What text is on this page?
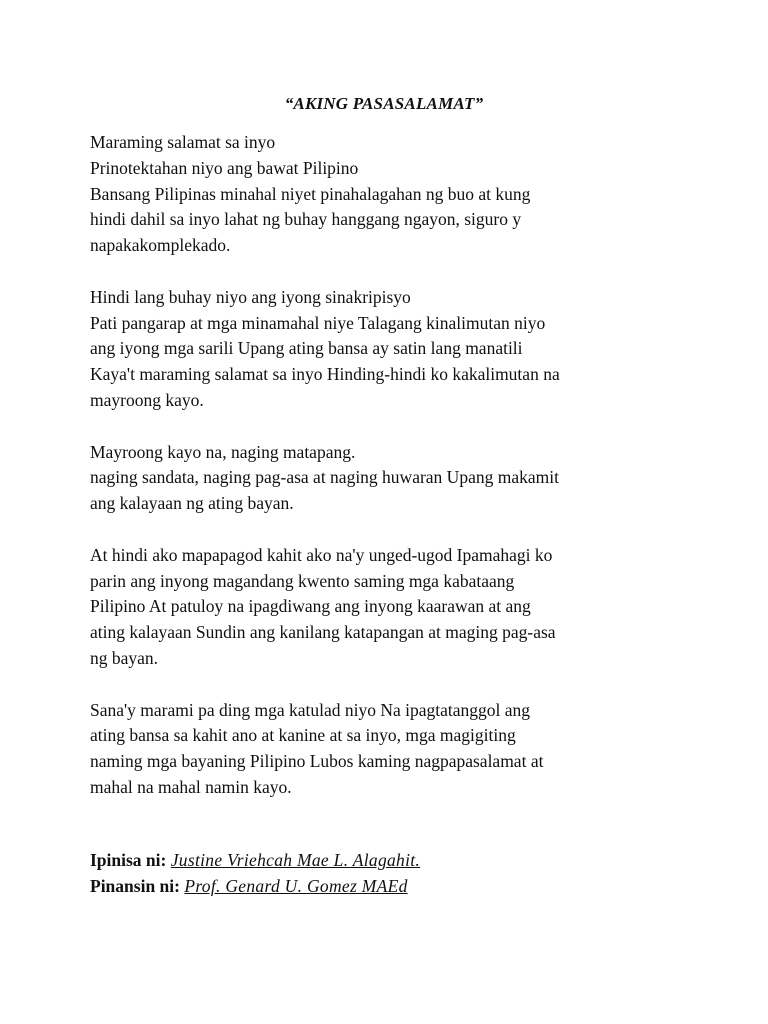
“AKING PASASALAMAT”
Maraming salamat sa inyo
Prinotektahan niyo ang bawat Pilipino
Bansang Pilipinas minahal niyet pinahalagahan ng buo at kung
hindi dahil sa inyo lahat ng buhay hanggang ngayon, siguro y
napakakomplekado.
Hindi lang buhay niyo ang iyong sinakripisyo
Pati pangarap at mga minamahal niye Talagang kinalimutan niyo
ang iyong mga sarili Upang ating bansa ay satin lang manatili
Kaya't maraming salamat sa inyo Hinding-hindi ko kakalimutan na
mayroong kayo.
Mayroong kayo na, naging matapang.
naging sandata, naging pag-asa at naging huwaran Upang makamit
ang kalayaan ng ating bayan.
At hindi ako mapapagod kahit ako na'y unged-ugod Ipamahagi ko
parin ang inyong magandang kwento saming mga kabataang
Pilipino At patuloy na ipagdiwang ang inyong kaarawan at ang
ating kalayaan Sundin ang kanilang katapangan at maging pag-asa
ng bayan.
Sana'y marami pa ding mga katulad niyo Na ipagtatanggol ang
ating bansa sa kahit ano at kanine at sa inyo, mga magigiting
naming mga bayaning Pilipino Lubos kaming nagpapasalamat at
mahal na mahal namin kayo.
Ipinisa ni: Justine Vriehcah Mae L. Alagahit.
Pinansin ni: Prof. Genard U. Gomez MAEd
